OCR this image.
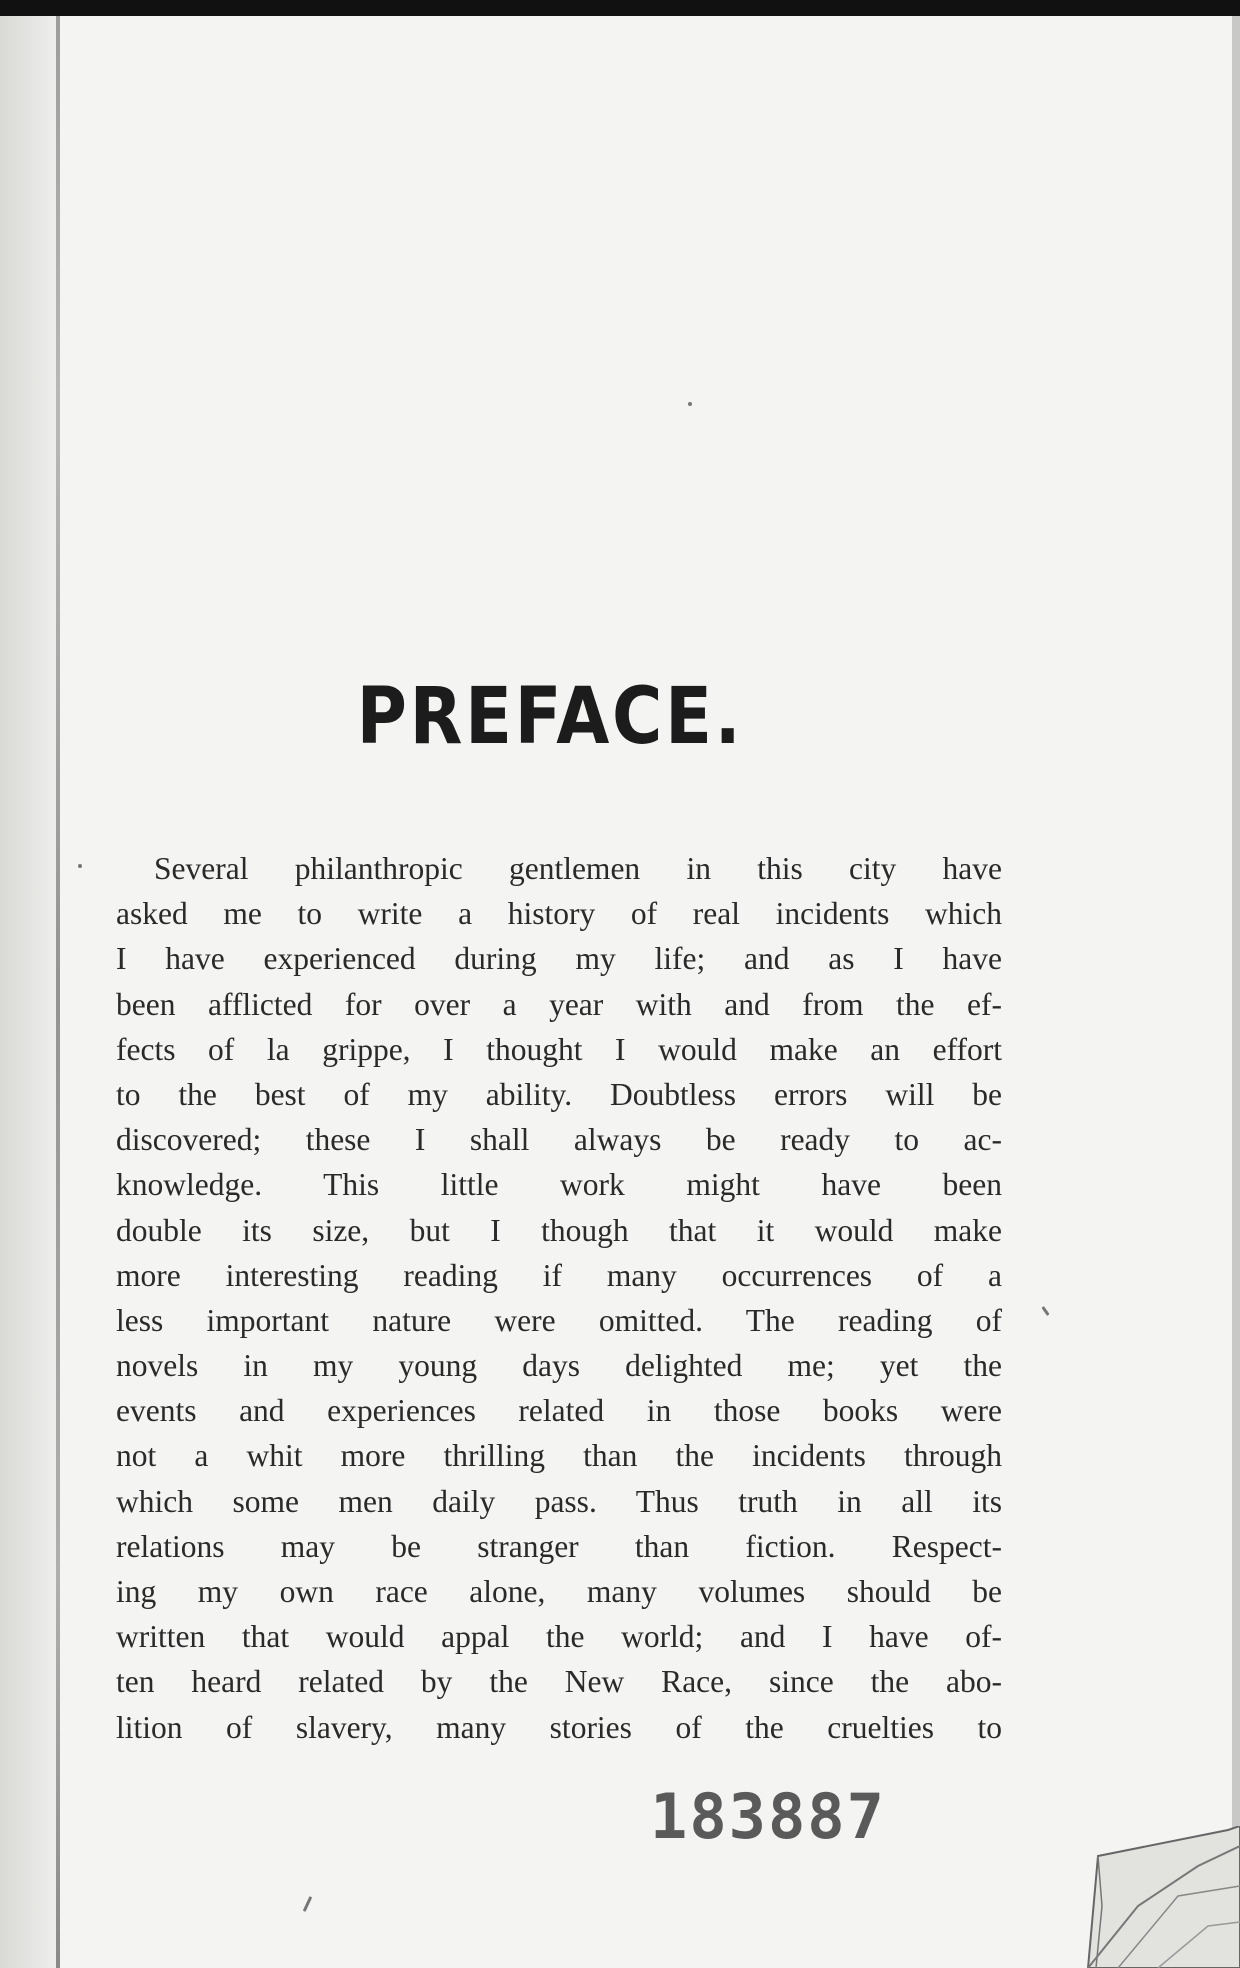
PREFACE.
Several philanthropic gentlemen in this city have
asked me to write a history of real incidents which
I have experienced during my life; and as I have
been afflicted for over a year with and from the ef-
fects of la grippe, I thought I would make an effort
to the best of my ability. Doubtless errors will be
discovered; these I shall always be ready to ac-
knowledge. This little work might have been
double its size, but I though that it would make
more interesting reading if many occurrences of a
less important nature were omitted. The reading of
novels in my young days delighted me; yet the
events and experiences related in those books were
not a whit more thrilling than the incidents through
which some men daily pass. Thus truth in all its
relations may be stranger than fiction. Respect-
ing my own race alone, many volumes should be
written that would appal the world; and I have of-
ten heard related by the New Race, since the abo-
lition of slavery, many stories of the cruelties to
183887
